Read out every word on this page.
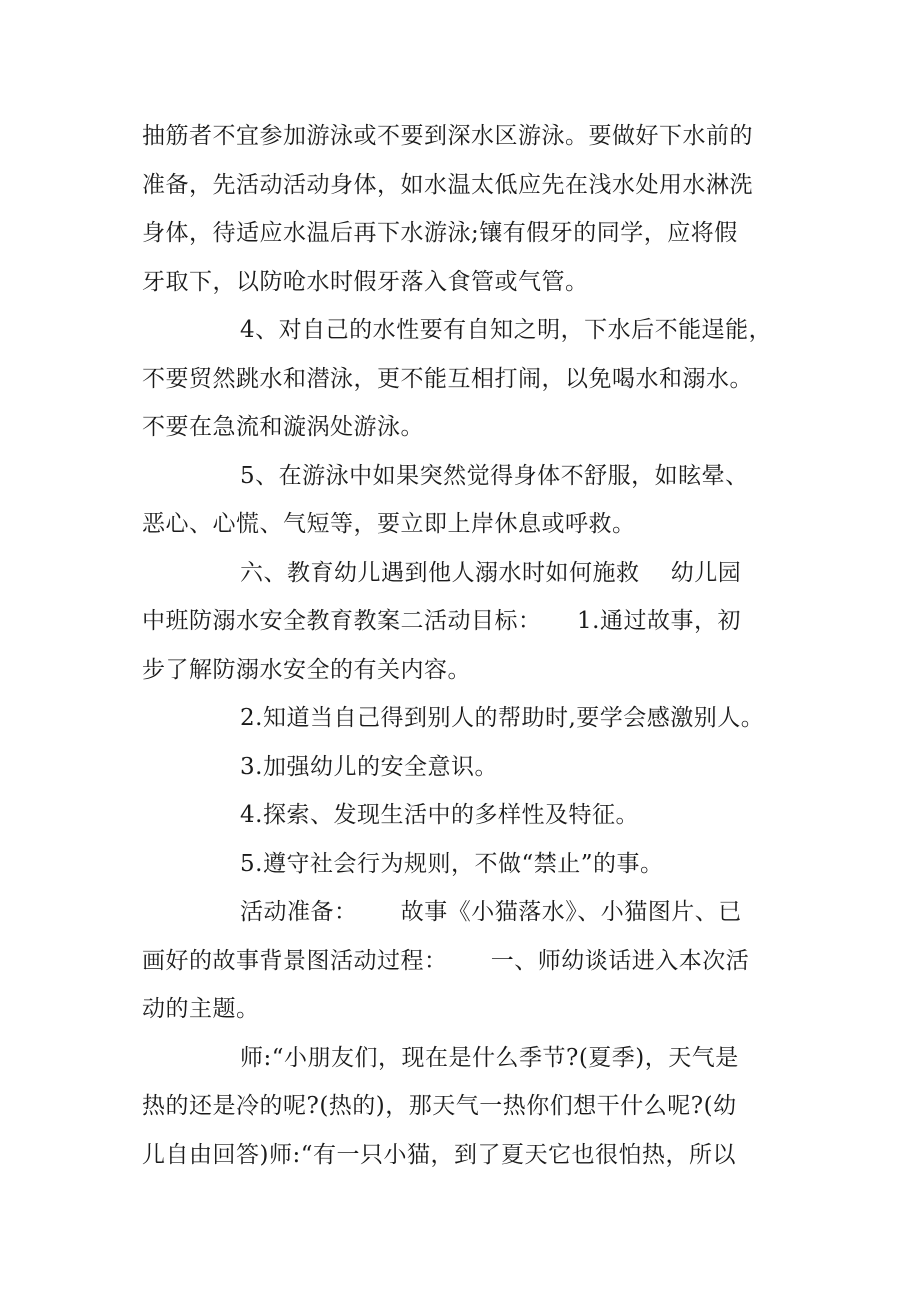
抽筋者不宜参加游泳或不要到深水区游泳。要做好下水前的
准备，先活动活动身体，如水温太低应先在浅水处用水淋洗
身体，待适应水温后再下水游泳;镶有假牙的同学，应将假
牙取下，以防呛水时假牙落入食管或气管。
4、对自己的水性要有自知之明，下水后不能逞能，
不要贸然跳水和潜泳，更不能互相打闹，以免喝水和溺水。
不要在急流和漩涡处游泳。
5、在游泳中如果突然觉得身体不舒服，如眩晕、
恶心、心慌、气短等，要立即上岸休息或呼救。
六、教育幼儿遇到他人溺水时如何施救　 幼儿园
中班防溺水安全教育教案二活动目标：　　1.通过故事，初
步了解防溺水安全的有关内容。
2.知道当自己得到别人的帮助时,要学会感激别人。
3.加强幼儿的安全意识。
4.探索、发现生活中的多样性及特征。
5.遵守社会行为规则，不做“禁止”的事。
活动准备：　　 故事《小猫落水》、小猫图片、已
画好的故事背景图活动过程：　　 一、师幼谈话进入本次活
动的主题。
师:“小朋友们，现在是什么季节?(夏季)，天气是
热的还是冷的呢?(热的)，那天气一热你们想干什么呢?(幼
儿自由回答)师:“有一只小猫，到了夏天它也很怕热，所以
